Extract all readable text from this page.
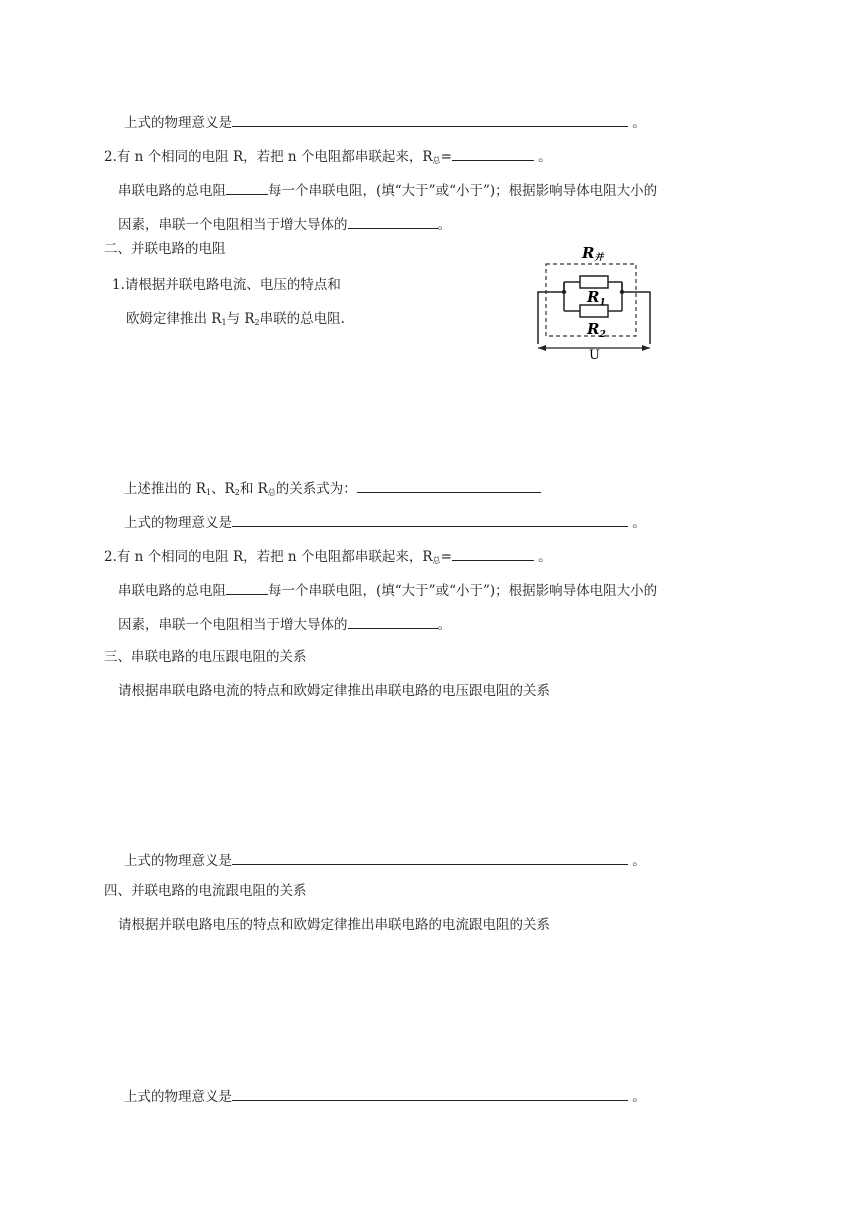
上式的物理意义是	。
2.有 n 个相同的电阻 R，若把 n 个电阻都串联起来，$R_总=$	。
串联电路的总电阻	每一个串联电阻，(填“大于”或“小于”)；根据影响导体电阻大小的
因素，串联一个电阻相当于增大导体的	。
二、并联电路的电阻
1.请根据并联电路电流、电压的特点和
欧姆定律推出 $R_1$与 $R_2$串联的总电阻.
R并
$R_1$
$R_2$
U
上述推出的 $R_1$、$R_2$和 $R_总$的关系式为：
上式的物理意义是	。
2.有 n 个相同的电阻 R，若把 n 个电阻都串联起来，$R_总=$	。
串联电路的总电阻	每一个串联电阻，(填“大于”或“小于”)；根据影响导体电阻大小的
因素，串联一个电阻相当于增大导体的	。
三、串联电路的电压跟电阻的关系
请根据串联电路电流的特点和欧姆定律推出串联电路的电压跟电阻的关系
上式的物理意义是	。
四、并联电路的电流跟电阻的关系
请根据并联电路电压的特点和欧姆定律推出串联电路的电流跟电阻的关系
上式的物理意义是	。
